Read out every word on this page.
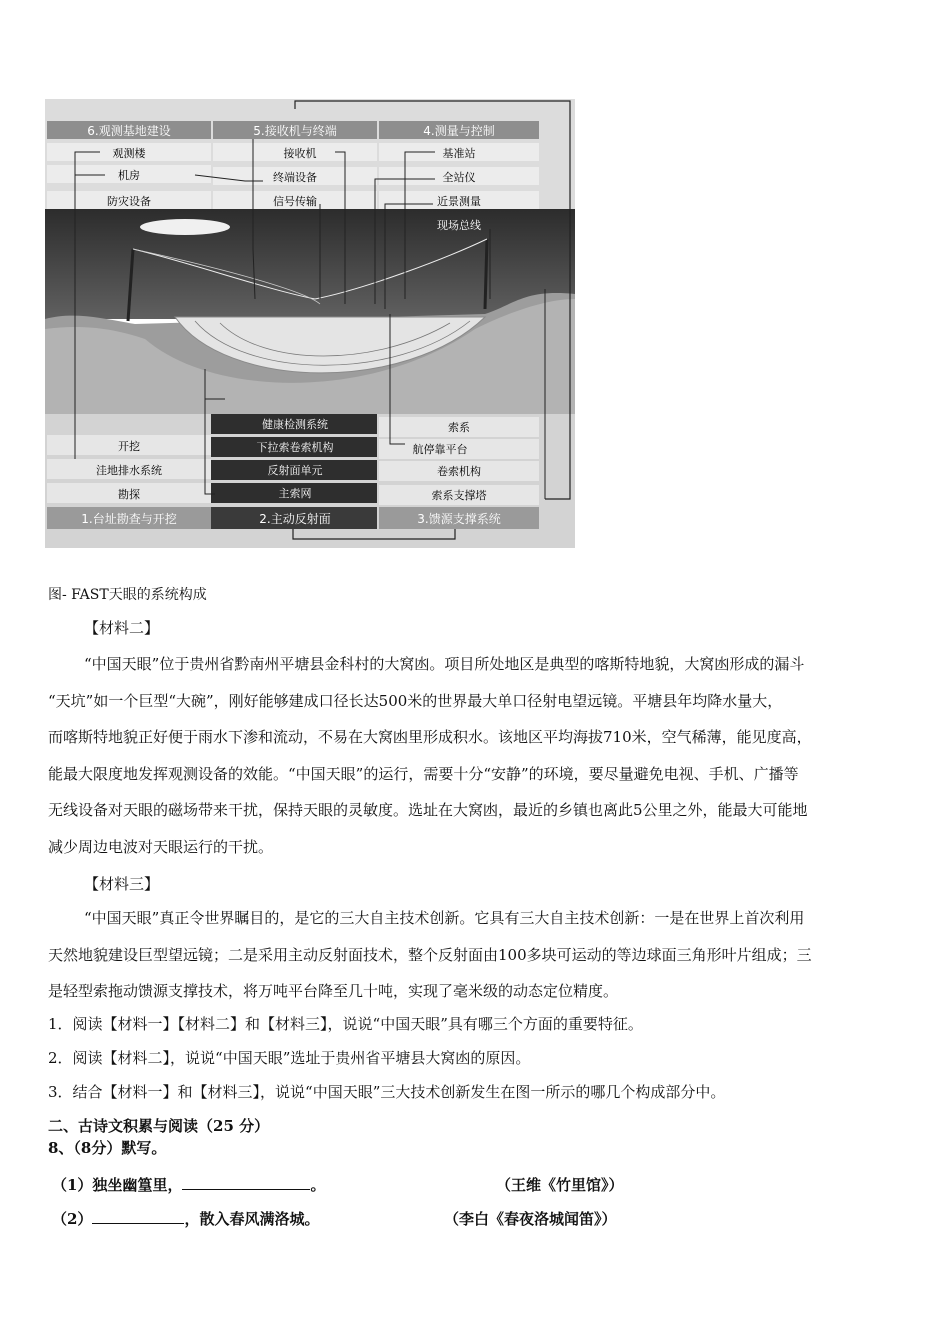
6.观测基地建设
观测楼
机房
防灾设备
5.接收机与终端
接收机
终端设备
信号传输
4.测量与控制
基准站
全站仪
近景测量
现场总线
开挖
洼地排水系统
勘探
1.台址勘查与开挖
健康检测系统
下拉索卷索机构
反射面单元
主索网
2.主动反射面
索系
航停靠平台
卷索机构
索系支撑塔
3.馈源支撑系统
图- FAST天眼的系统构成
【材料二】
“中国天眼”位于贵州省黔南州平塘县金科村的大窝凼。项目所处地区是典型的喀斯特地貌，大窝凼形成的漏斗
“天坑”如一个巨型“大碗”，刚好能够建成口径长达500米的世界最大单口径射电望远镜。平塘县年均降水量大，
而喀斯特地貌正好便于雨水下渗和流动，不易在大窝凼里形成积水。该地区平均海拔710米，空气稀薄，能见度高，
能最大限度地发挥观测设备的效能。“中国天眼”的运行，需要十分“安静”的环境，要尽量避免电视、手机、广播等
无线设备对天眼的磁场带来干扰，保持天眼的灵敏度。选址在大窝凼，最近的乡镇也离此5公里之外，能最大可能地
减少周边电波对天眼运行的干扰。
【材料三】
“中国天眼”真正令世界瞩目的，是它的三大自主技术创新。它具有三大自主技术创新：一是在世界上首次利用
天然地貌建设巨型望远镜；二是采用主动反射面技术，整个反射面由100多块可运动的等边球面三角形叶片组成；三
是轻型索拖动馈源支撑技术，将万吨平台降至几十吨，实现了毫米级的动态定位精度。
1．阅读【材料一】【材料二】和【材料三】，说说“中国天眼”具有哪三个方面的重要特征。
2．阅读【材料二】，说说“中国天眼”选址于贵州省平塘县大窝凼的原因。
3．结合【材料一】和【材料三】，说说“中国天眼”三大技术创新发生在图一所示的哪几个构成部分中。
二、古诗文积累与阅读（25 分）
8、（8分）默写。
（1）独坐幽篁里，	。	（王维《竹里馆》）
（2）	，散入春风满洛城。	（李白《春夜洛城闻笛》）
